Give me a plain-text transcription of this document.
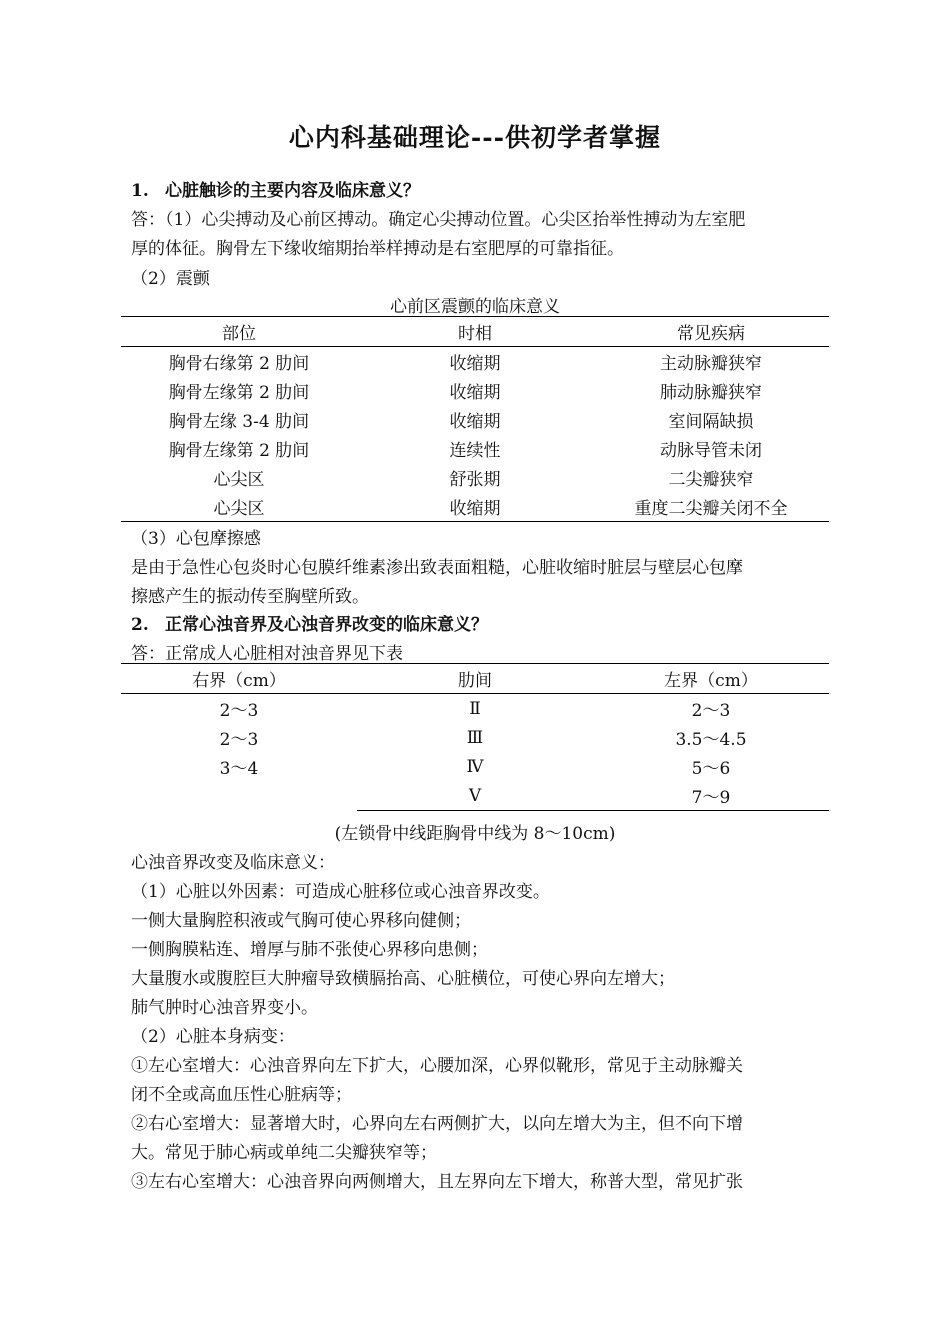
心内科基础理论---供初学者掌握
1. 心脏触诊的主要内容及临床意义？
答：（1）心尖搏动及心前区搏动。确定心尖搏动位置。心尖区抬举性搏动为左室肥
厚的体征。胸骨左下缘收缩期抬举样搏动是右室肥厚的可靠指征。
（2）震颤
心前区震颤的临床意义
部位	时相	常见疾病
胸骨右缘第 2 肋间	收缩期	主动脉瓣狭窄
胸骨左缘第 2 肋间	收缩期	肺动脉瓣狭窄
胸骨左缘 3-4 肋间	收缩期	室间隔缺损
胸骨左缘第 2 肋间	连续性	动脉导管未闭
心尖区	舒张期	二尖瓣狭窄
心尖区	收缩期	重度二尖瓣关闭不全
（3）心包摩擦感
是由于急性心包炎时心包膜纤维素渗出致表面粗糙，心脏收缩时脏层与壁层心包摩
擦感产生的振动传至胸壁所致。
2. 正常心浊音界及心浊音界改变的临床意义？
答：正常成人心脏相对浊音界见下表
右界（cm）	肋间	左界（cm）
2～3	Ⅱ	2～3
2～3	Ⅲ	3.5～4.5
3～4	Ⅳ	5～6
	Ⅴ	7～9
(左锁骨中线距胸骨中线为 8～10cm)
心浊音界改变及临床意义：
（1）心脏以外因素：可造成心脏移位或心浊音界改变。
一侧大量胸腔积液或气胸可使心界移向健侧；
一侧胸膜粘连、增厚与肺不张使心界移向患侧；
大量腹水或腹腔巨大肿瘤导致横膈抬高、心脏横位，可使心界向左增大；
肺气肿时心浊音界变小。
（2）心脏本身病变：
①左心室增大：心浊音界向左下扩大，心腰加深，心界似靴形，常见于主动脉瓣关
闭不全或高血压性心脏病等；
②右心室增大：显著增大时，心界向左右两侧扩大，以向左增大为主，但不向下增
大。常见于肺心病或单纯二尖瓣狭窄等；
③左右心室增大：心浊音界向两侧增大，且左界向左下增大，称普大型，常见扩张
